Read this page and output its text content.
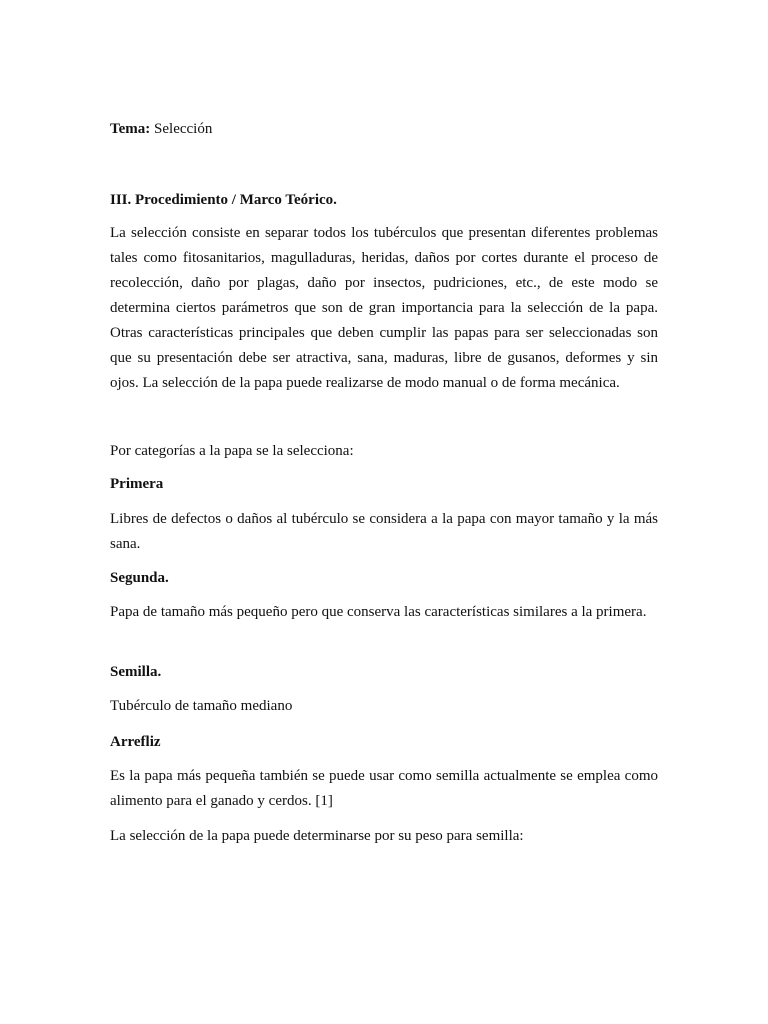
Tema: Selección

III. Procedimiento / Marco Teórico.

La selección consiste en separar todos los tubérculos que presentan diferentes problemas tales como fitosanitarios, magulladuras, heridas, daños por cortes durante el proceso de recolección, daño por plagas, daño por insectos, pudriciones, etc., de este modo se determina ciertos parámetros que son de gran importancia para la selección de la papa. Otras características principales que deben cumplir las papas para ser seleccionadas son que su presentación debe ser atractiva, sana, maduras, libre de gusanos, deformes y sin ojos. La selección de la papa puede realizarse de modo manual o de forma mecánica.

Por categorías a la papa se la selecciona:

Primera

Libres de defectos o daños al tubérculo se considera a la papa con mayor tamaño y la más sana.

Segunda.

Papa de tamaño más pequeño pero que conserva las características similares a la primera.

Semilla.

Tubérculo de tamaño mediano

Arrefliz

Es la papa más pequeña también se puede usar como semilla actualmente se emplea como alimento para el ganado y cerdos. [1]

La selección de la papa puede determinarse por su peso para semilla:
